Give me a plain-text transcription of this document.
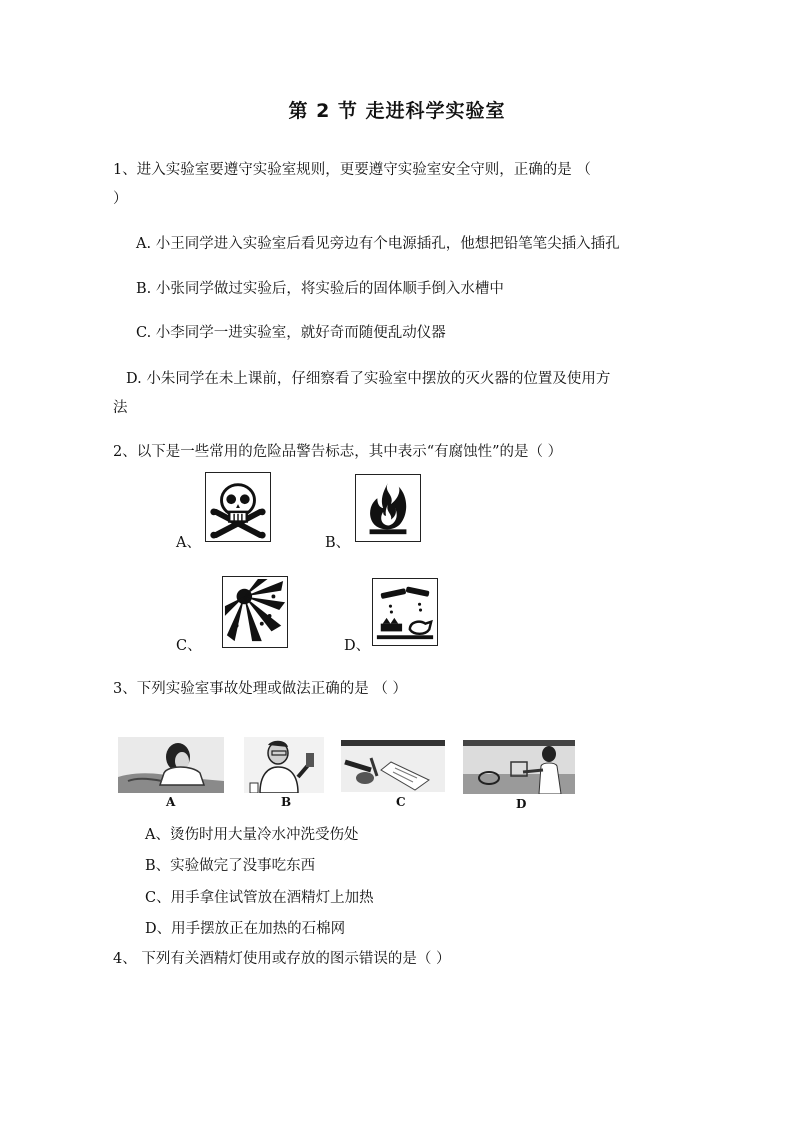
第 2 节 走进科学实验室
1、进入实验室要遵守实验室规则，更要遵守实验室安全守则，正确的是 （
）
A. 小王同学进入实验室后看见旁边有个电源插孔，他想把铅笔笔尖插入插孔
B. 小张同学做过实验后，将实验后的固体顺手倒入水槽中
C. 小李同学一进实验室，就好奇而随便乱动仪器
D. 小朱同学在未上课前，仔细察看了实验室中摆放的灭火器的位置及使用方
法
2、以下是一些常用的危险品警告标志，其中表示“有腐蚀性”的是（ ）
A、	B、
C、	D、
3、下列实验室事故处理或做法正确的是 （ ）
A	B	C	D
A、烫伤时用大量冷水冲洗受伤处
B、实验做完了没事吃东西
C、用手拿住试管放在酒精灯上加热
D、用手摆放正在加热的石棉网
4、 下列有关酒精灯使用或存放的图示错误的是（ ）
